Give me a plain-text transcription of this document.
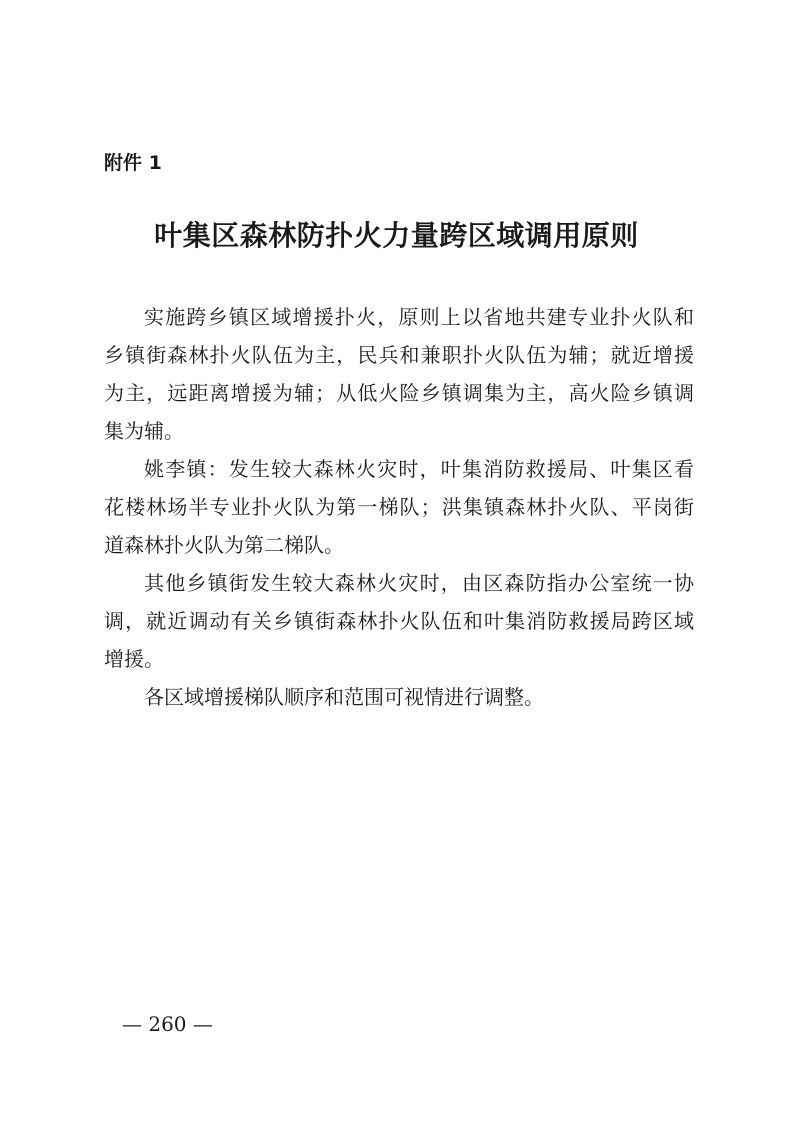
附件 1
叶集区森林防扑火力量跨区域调用原则

实施跨乡镇区域增援扑火，原则上以省地共建专业扑火队和
乡镇街森林扑火队伍为主，民兵和兼职扑火队伍为辅；就近增援
为主，远距离增援为辅；从低火险乡镇调集为主，高火险乡镇调
集为辅。

姚李镇：发生较大森林火灾时，叶集消防救援局、叶集区看
花楼林场半专业扑火队为第一梯队；洪集镇森林扑火队、平岗街
道森林扑火队为第二梯队。

其他乡镇街发生较大森林火灾时，由区森防指办公室统一协
调，就近调动有关乡镇街森林扑火队伍和叶集消防救援局跨区域
增援。

各区域增援梯队顺序和范围可视情进行调整。

— 260 —
